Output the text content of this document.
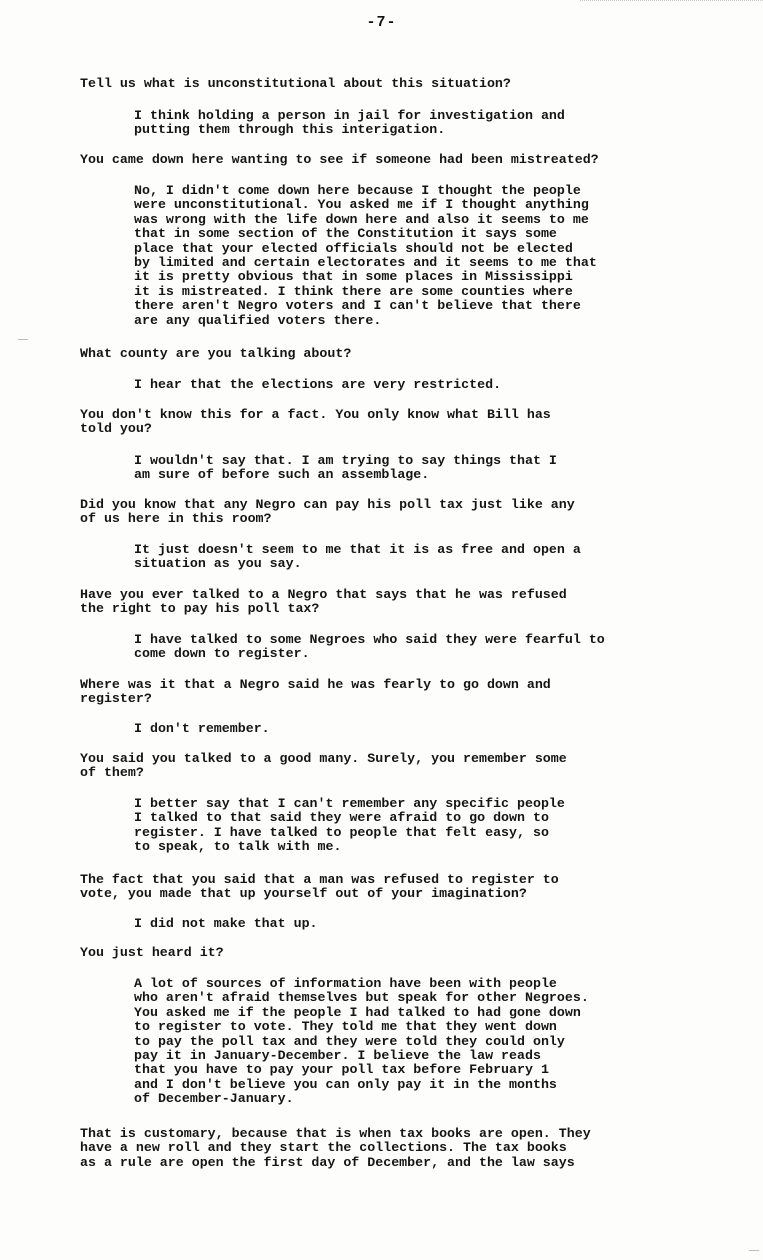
-7-

Tell us what is unconstitutional about this situation?

I think holding a person in jail for investigation and
putting them through this interigation.

You came down here wanting to see if someone had been mistreated?

No, I didn't come down here because I thought the people
were unconstitutional. You asked me if I thought anything
was wrong with the life down here and also it seems to me
that in some section of the Constitution it says some
place that your elected officials should not be elected
by limited and certain electorates and it seems to me that
it is pretty obvious that in some places in Mississippi
it is mistreated. I think there are some counties where
there aren't Negro voters and I can't believe that there
are any qualified voters there.

What county are you talking about?

I hear that the elections are very restricted.

You don't know this for a fact. You only know what Bill has
told you?

I wouldn't say that. I am trying to say things that I
am sure of before such an assemblage.

Did you know that any Negro can pay his poll tax just like any
of us here in this room?

It just doesn't seem to me that it is as free and open a
situation as you say.

Have you ever talked to a Negro that says that he was refused
the right to pay his poll tax?

I have talked to some Negroes who said they were fearful to
come down to register.

Where was it that a Negro said he was fearly to go down and
register?

I don't remember.

You said you talked to a good many. Surely, you remember some
of them?

I better say that I can't remember any specific people
I talked to that said they were afraid to go down to
register. I have talked to people that felt easy, so
to speak, to talk with me.

The fact that you said that a man was refused to register to
vote, you made that up yourself out of your imagination?

I did not make that up.

You just heard it?

A lot of sources of information have been with people
who aren't afraid themselves but speak for other Negroes.
You asked me if the people I had talked to had gone down
to register to vote. They told me that they went down
to pay the poll tax and they were told they could only
pay it in January-December. I believe the law reads
that you have to pay your poll tax before February 1
and I don't believe you can only pay it in the months
of December-January.

That is customary, because that is when tax books are open. They
have a new roll and they start the collections. The tax books
as a rule are open the first day of December, and the law says
